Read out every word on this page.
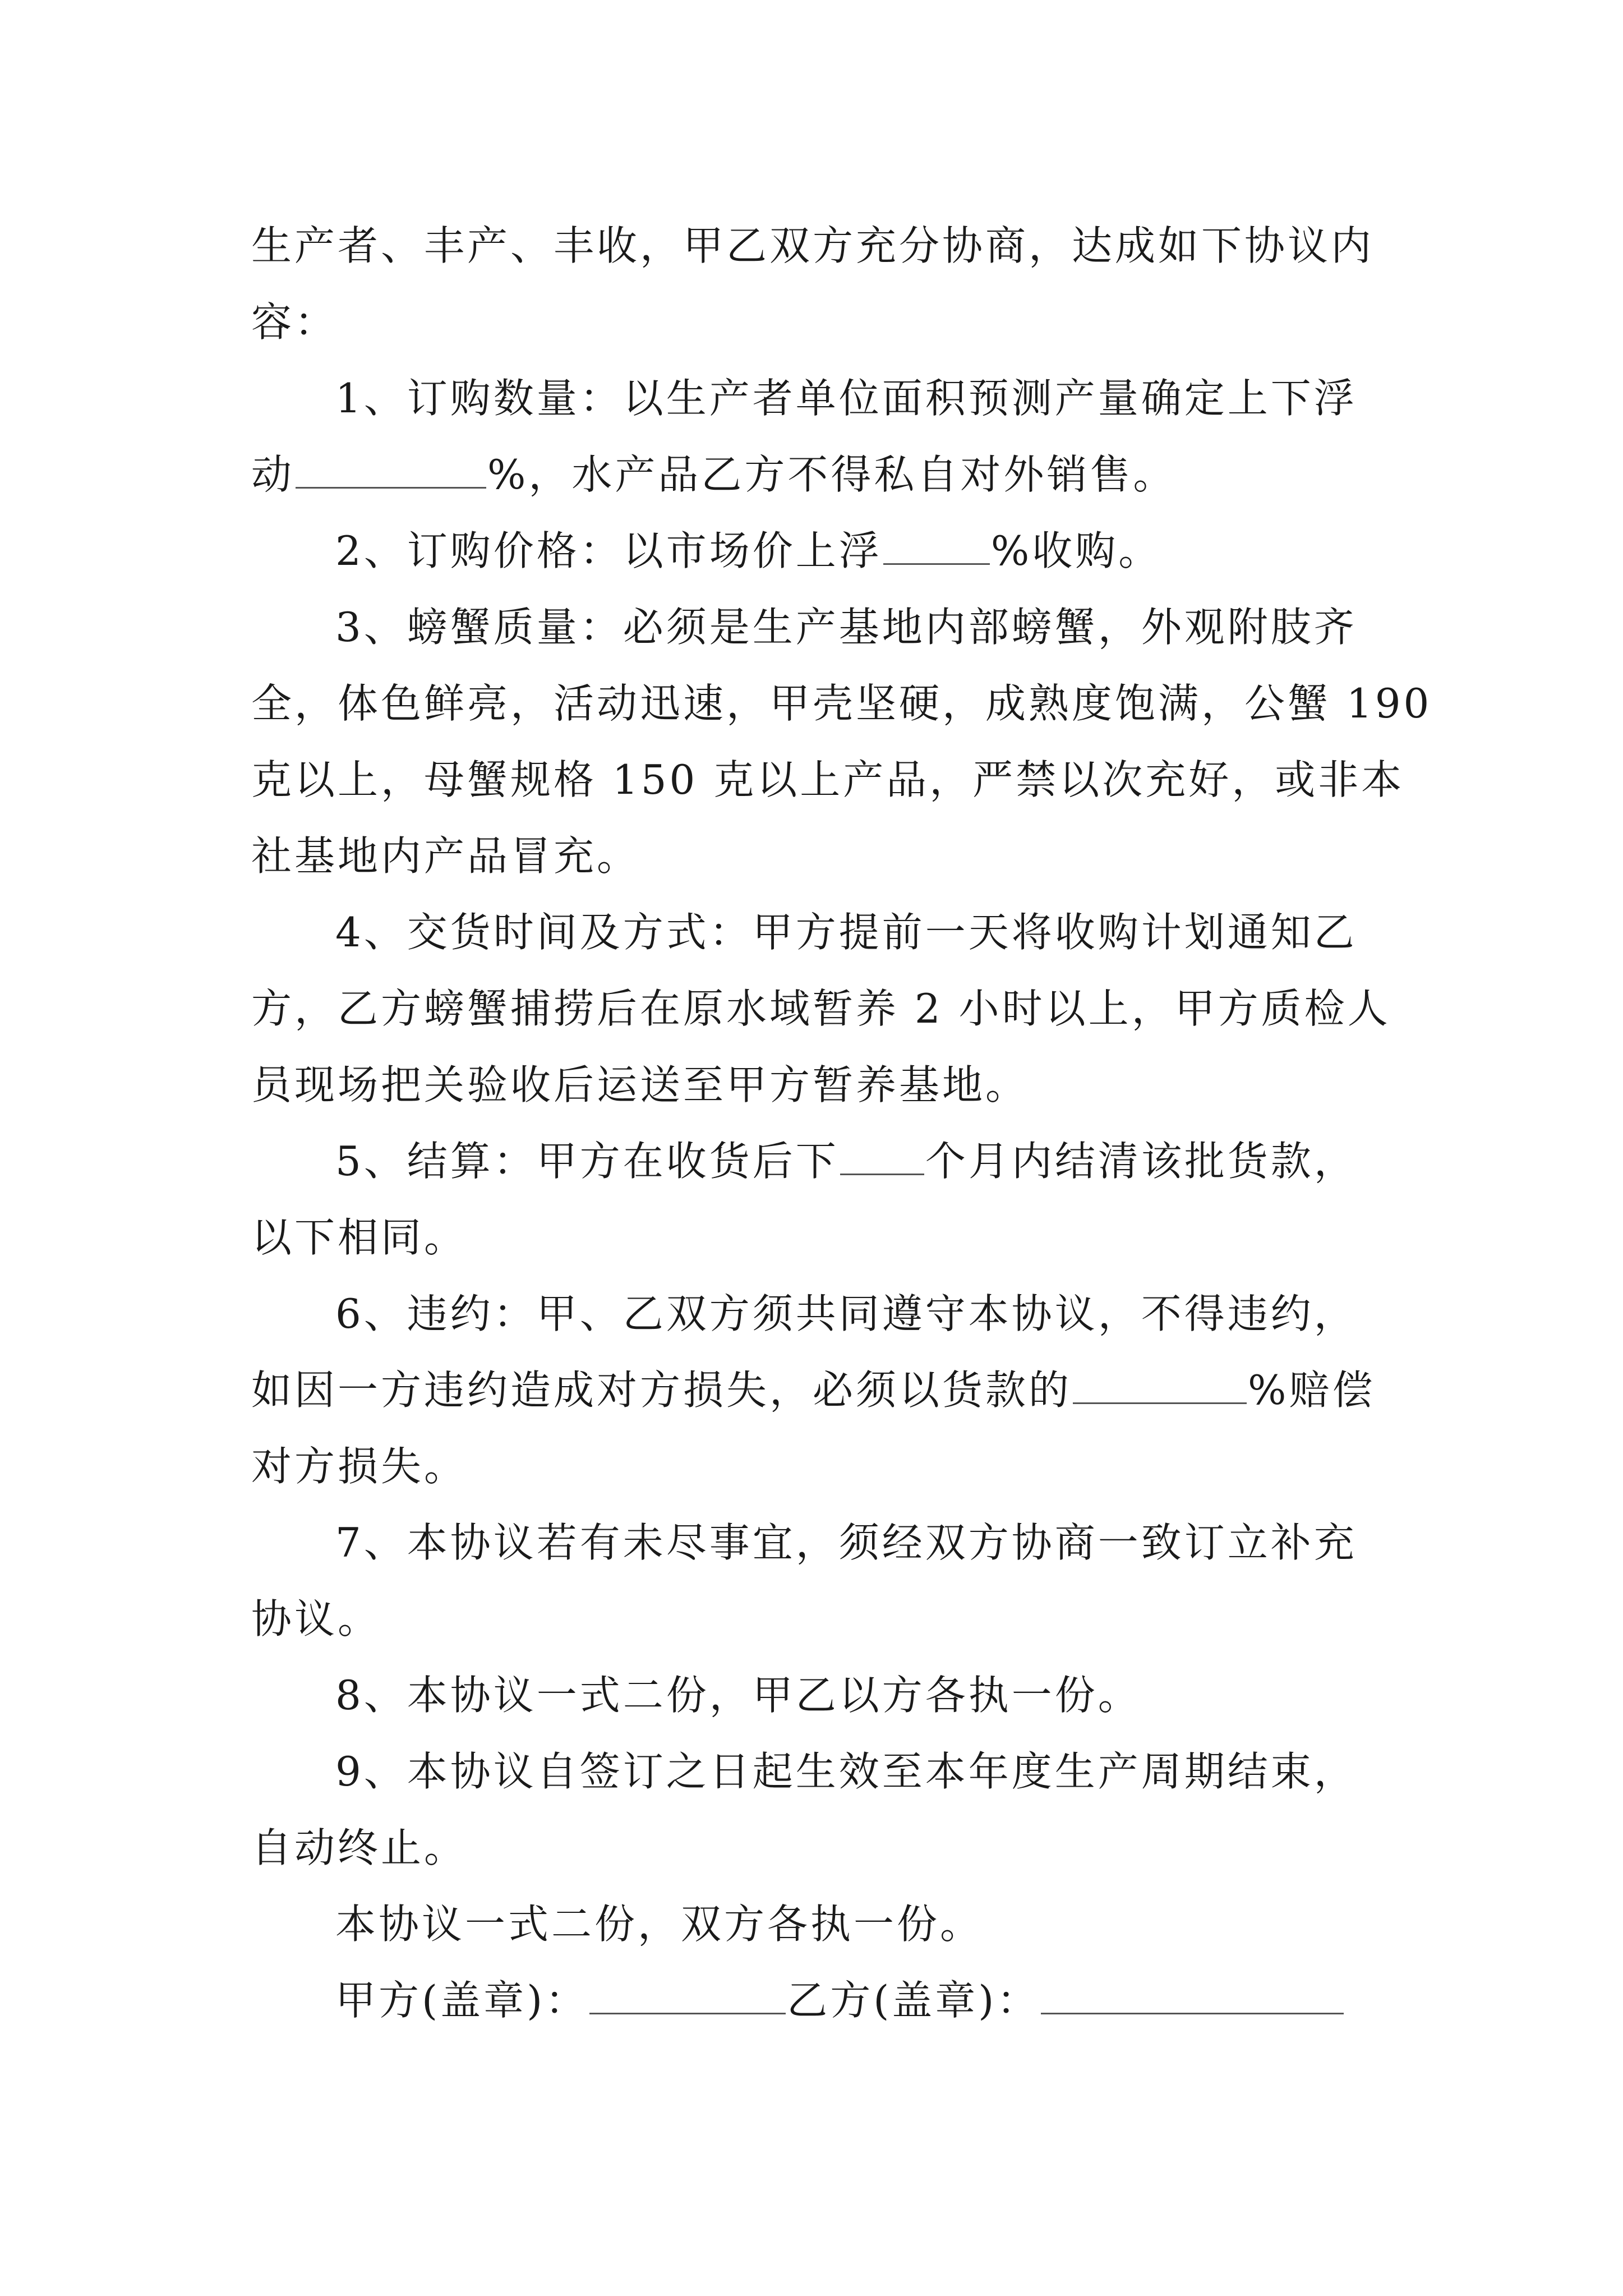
生产者、丰产、丰收，甲乙双方充分协商，达成如下协议内
容：
1、订购数量：以生产者单位面积预测产量确定上下浮
动	%，水产品乙方不得私自对外销售。
2、订购价格：以市场价上浮	%收购。
3、螃蟹质量：必须是生产基地内部螃蟹，外观附肢齐
全，体色鲜亮，活动迅速，甲壳坚硬，成熟度饱满，公蟹 190
克以上，母蟹规格 150 克以上产品，严禁以次充好，或非本
社基地内产品冒充。
4、交货时间及方式：甲方提前一天将收购计划通知乙
方，乙方螃蟹捕捞后在原水域暂养 2 小时以上，甲方质检人
员现场把关验收后运送至甲方暂养基地。
5、结算：甲方在收货后下 个月内结清该批货款，
以下相同。
6、违约：甲、乙双方须共同遵守本协议，不得违约，
如因一方违约造成对方损失，必须以货款的	%赔偿
对方损失。
7、本协议若有未尽事宜，须经双方协商一致订立补充
协议。
8、本协议一式二份，甲乙以方各执一份。
9、本协议自签订之日起生效至本年度生产周期结束，
自动终止。
本协议一式二份，双方各执一份。
甲方(盖章)：	乙方(盖章)：
